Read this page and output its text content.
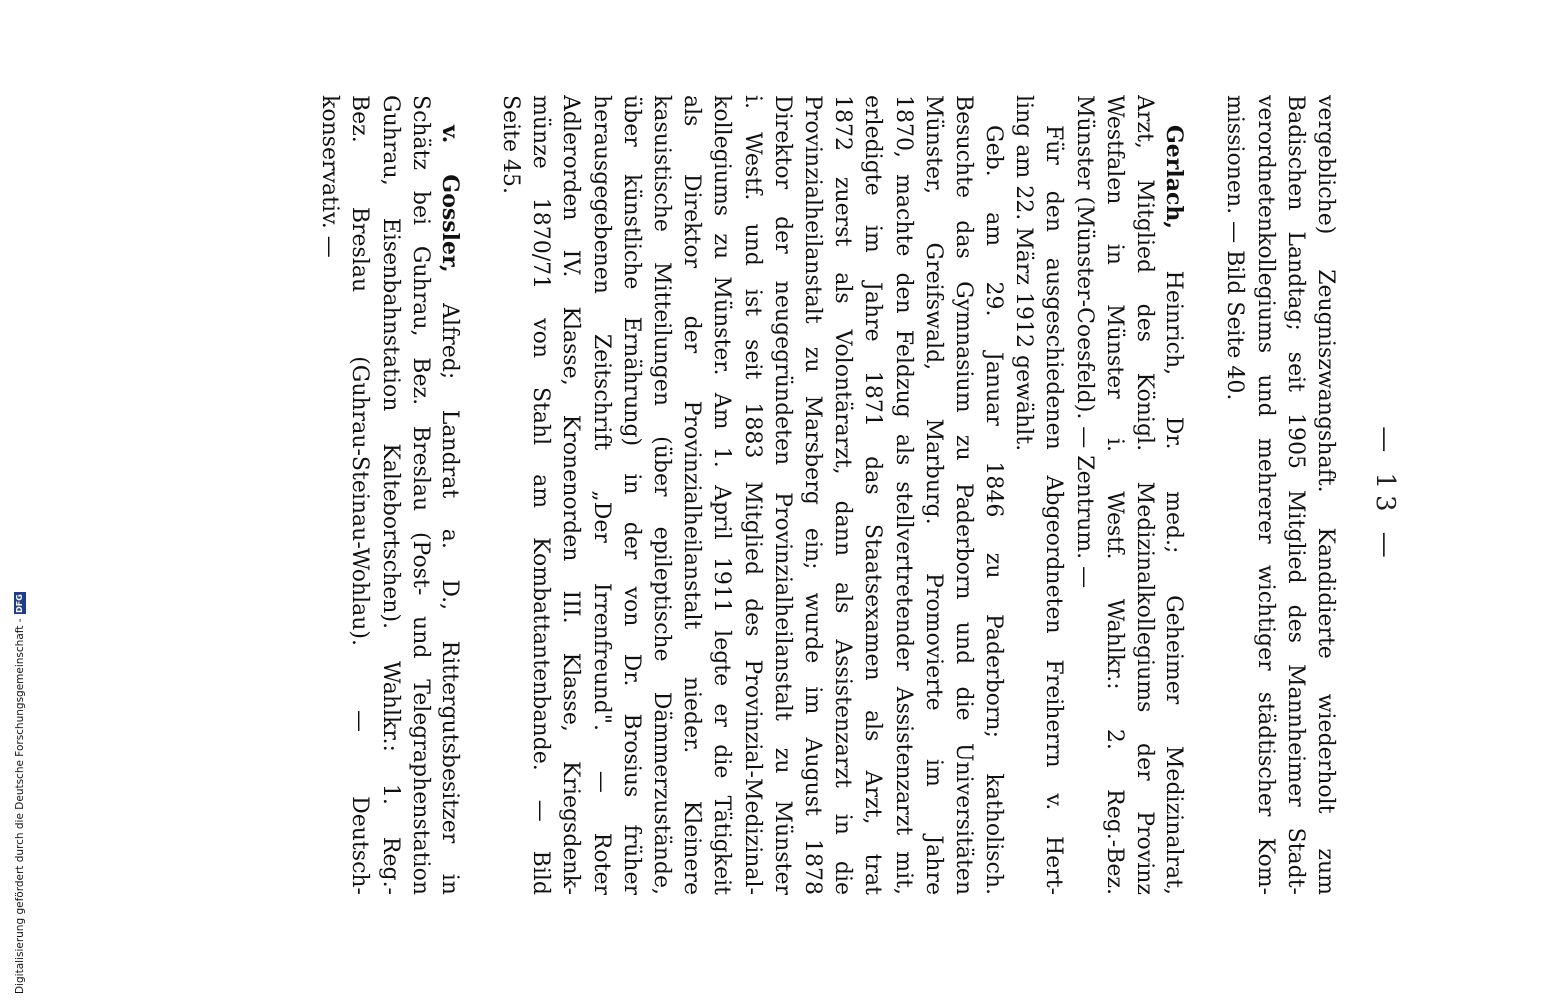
— 13 —
vergebliche) Zeugniszwangshaft. Kandidierte wiederholt zum
Badischen Landtag; seit 1905 Mitglied des Mannheimer Stadt-
verordnetenkollegiums und mehrerer wichtiger städtischer Kom-
missionen. — Bild Seite 40.
Gerlach, Heinrich, Dr. med.; Geheimer Medizinalrat,
Arzt, Mitglied des Königl. Medizinalkollegiums der Provinz
Westfalen in Münster i. Westf. Wahlkr.: 2. Reg.-Bez.
Münster (Münster-Coesfeld). — Zentrum. —
Für den ausgeschiedenen Abgeordneten Freiherrn v. Hert-
ling am 22. März 1912 gewählt.
Geb. am 29. Januar 1846 zu Paderborn; katholisch.
Besuchte das Gymnasium zu Paderborn und die Universitäten
Münster, Greifswald, Marburg. Promovierte im Jahre
1870, machte den Feldzug als stellvertretender Assistenzarzt mit,
erledigte im Jahre 1871 das Staatsexamen als Arzt, trat
1872 zuerst als Volontärarzt, dann als Assistenzarzt in die
Provinzialheilanstalt zu Marsberg ein; wurde im August 1878
Direktor der neugegründeten Provinzialheilanstalt zu Münster
i. Westf. und ist seit 1883 Mitglied des Provinzial-Medizinal-
kollegiums zu Münster. Am 1. April 1911 legte er die Tätigkeit
als Direktor der Provinzialheilanstalt nieder. Kleinere
kasuistische Mitteilungen (über epileptische Dämmerzustände,
über künstliche Ernährung) in der von Dr. Brosius früher
herausgegebenen Zeitschrift „Der Irrenfreund". — Roter
Adlerorden IV. Klasse, Kronenorden III. Klasse, Kriegsdenk-
münze 1870/71 von Stahl am Kombattantenbande. — Bild
Seite 45.
v. Gossler, Alfred; Landrat a. D., Rittergutsbesitzer in
Schätz bei Guhrau, Bez. Breslau (Post- und Telegraphenstation
Guhrau, Eisenbahnstation Kaltebortschen). Wahlkr.: 1. Reg.-
Bez. Breslau (Guhrau-Steinau-Wohlau). — Deutsch-
konservativ. —
Digitalisierung gefördert durch die Deutsche Forschungsgemeinschaft -
DFG
